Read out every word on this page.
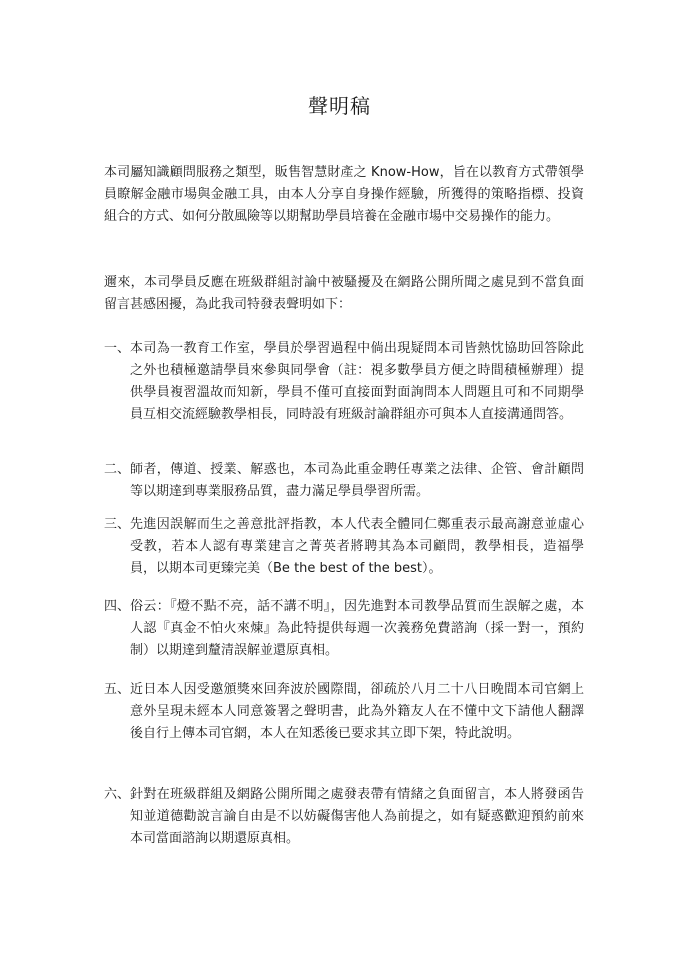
聲明稿
本司屬知識顧問服務之類型，販售智慧財產之 Know-How，旨在以教育方式帶領學員瞭解金融市場與金融工具，由本人分享自身操作經驗，所獲得的策略指標、投資組合的方式、如何分散風險等以期幫助學員培養在金融市場中交易操作的能力。
邇來，本司學員反應在班級群組討論中被騷擾及在網路公開所聞之處見到不當負面留言甚感困擾，為此我司特發表聲明如下：
一、 本司為一教育工作室，學員於學習過程中倘出現疑問本司皆熱忱協助回答除此之外也積極邀請學員來參與同學會（註：視多數學員方便之時間積極辦理）提供學員複習溫故而知新，學員不僅可直接面對面詢問本人問題且可和不同期學員互相交流經驗教學相長，同時設有班級討論群組亦可與本人直接溝通問答。
二、 師者，傳道、授業、解惑也，本司為此重金聘任專業之法律、企管、會計顧問等以期達到專業服務品質，盡力滿足學員學習所需。
三、 先進因誤解而生之善意批評指教，本人代表全體同仁鄭重表示最高謝意並虛心受教，若本人認有專業建言之菁英者將聘其為本司顧問，教學相長，造福學員，以期本司更臻完美（Be the best of the best）。
四、 俗云：『燈不點不亮，話不講不明』，因先進對本司教學品質而生誤解之處，本人認『真金不怕火來煉』為此特提供每週一次義務免費諮詢（採一對一，預約制）以期達到釐清誤解並還原真相。
五、 近日本人因受邀頒獎來回奔波於國際間，卻疏於八月二十八日晚間本司官網上意外呈現未經本人同意簽署之聲明書，此為外籍友人在不懂中文下請他人翻譯後自行上傳本司官網，本人在知悉後已要求其立即下架，特此說明。
六、 針對在班級群組及網路公開所聞之處發表帶有情緒之負面留言，本人將發函告知並道德勸說言論自由是不以妨礙傷害他人為前提之，如有疑惑歡迎預約前來本司當面諮詢以期還原真相。
